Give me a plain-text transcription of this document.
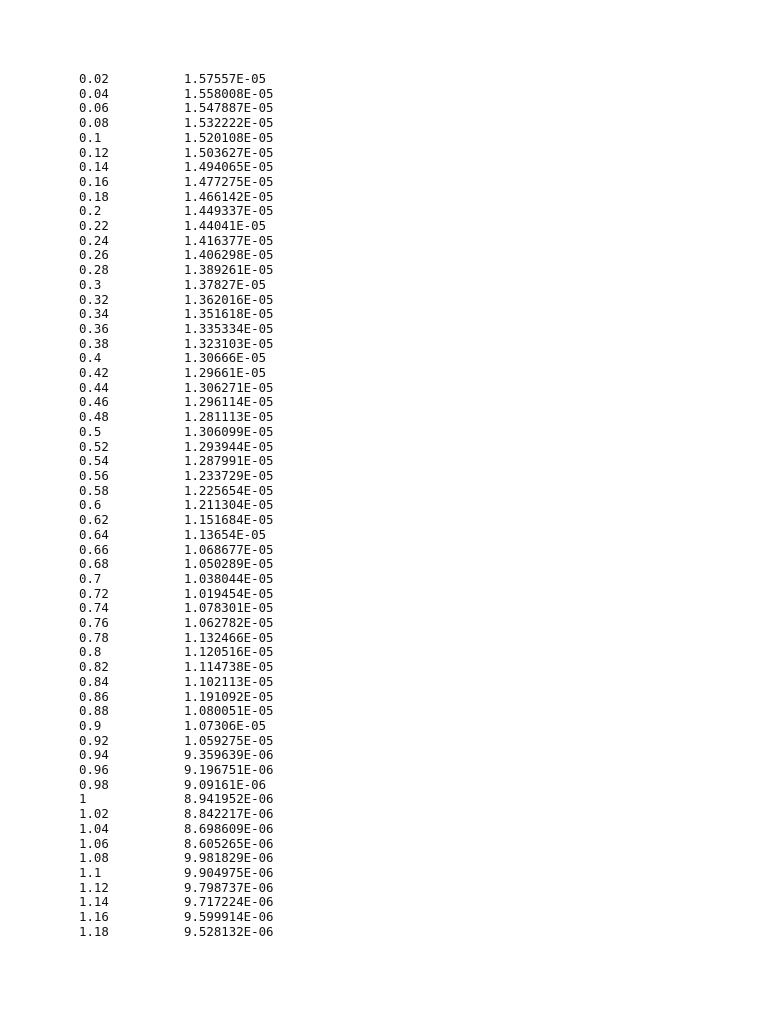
0.02	1.57557E-05
0.04	1.558008E-05
0.06	1.547887E-05
0.08	1.532222E-05
0.1	1.520108E-05
0.12	1.503627E-05
0.14	1.494065E-05
0.16	1.477275E-05
0.18	1.466142E-05
0.2	1.449337E-05
0.22	1.44041E-05
0.24	1.416377E-05
0.26	1.406298E-05
0.28	1.389261E-05
0.3	1.37827E-05
0.32	1.362016E-05
0.34	1.351618E-05
0.36	1.335334E-05
0.38	1.323103E-05
0.4	1.30666E-05
0.42	1.29661E-05
0.44	1.306271E-05
0.46	1.296114E-05
0.48	1.281113E-05
0.5	1.306099E-05
0.52	1.293944E-05
0.54	1.287991E-05
0.56	1.233729E-05
0.58	1.225654E-05
0.6	1.211304E-05
0.62	1.151684E-05
0.64	1.13654E-05
0.66	1.068677E-05
0.68	1.050289E-05
0.7	1.038044E-05
0.72	1.019454E-05
0.74	1.078301E-05
0.76	1.062782E-05
0.78	1.132466E-05
0.8	1.120516E-05
0.82	1.114738E-05
0.84	1.102113E-05
0.86	1.191092E-05
0.88	1.080051E-05
0.9	1.07306E-05
0.92	1.059275E-05
0.94	9.359639E-06
0.96	9.196751E-06
0.98	9.09161E-06
1	8.941952E-06
1.02	8.842217E-06
1.04	8.698609E-06
1.06	8.605265E-06
1.08	9.981829E-06
1.1	9.904975E-06
1.12	9.798737E-06
1.14	9.717224E-06
1.16	9.599914E-06
1.18	9.528132E-06
